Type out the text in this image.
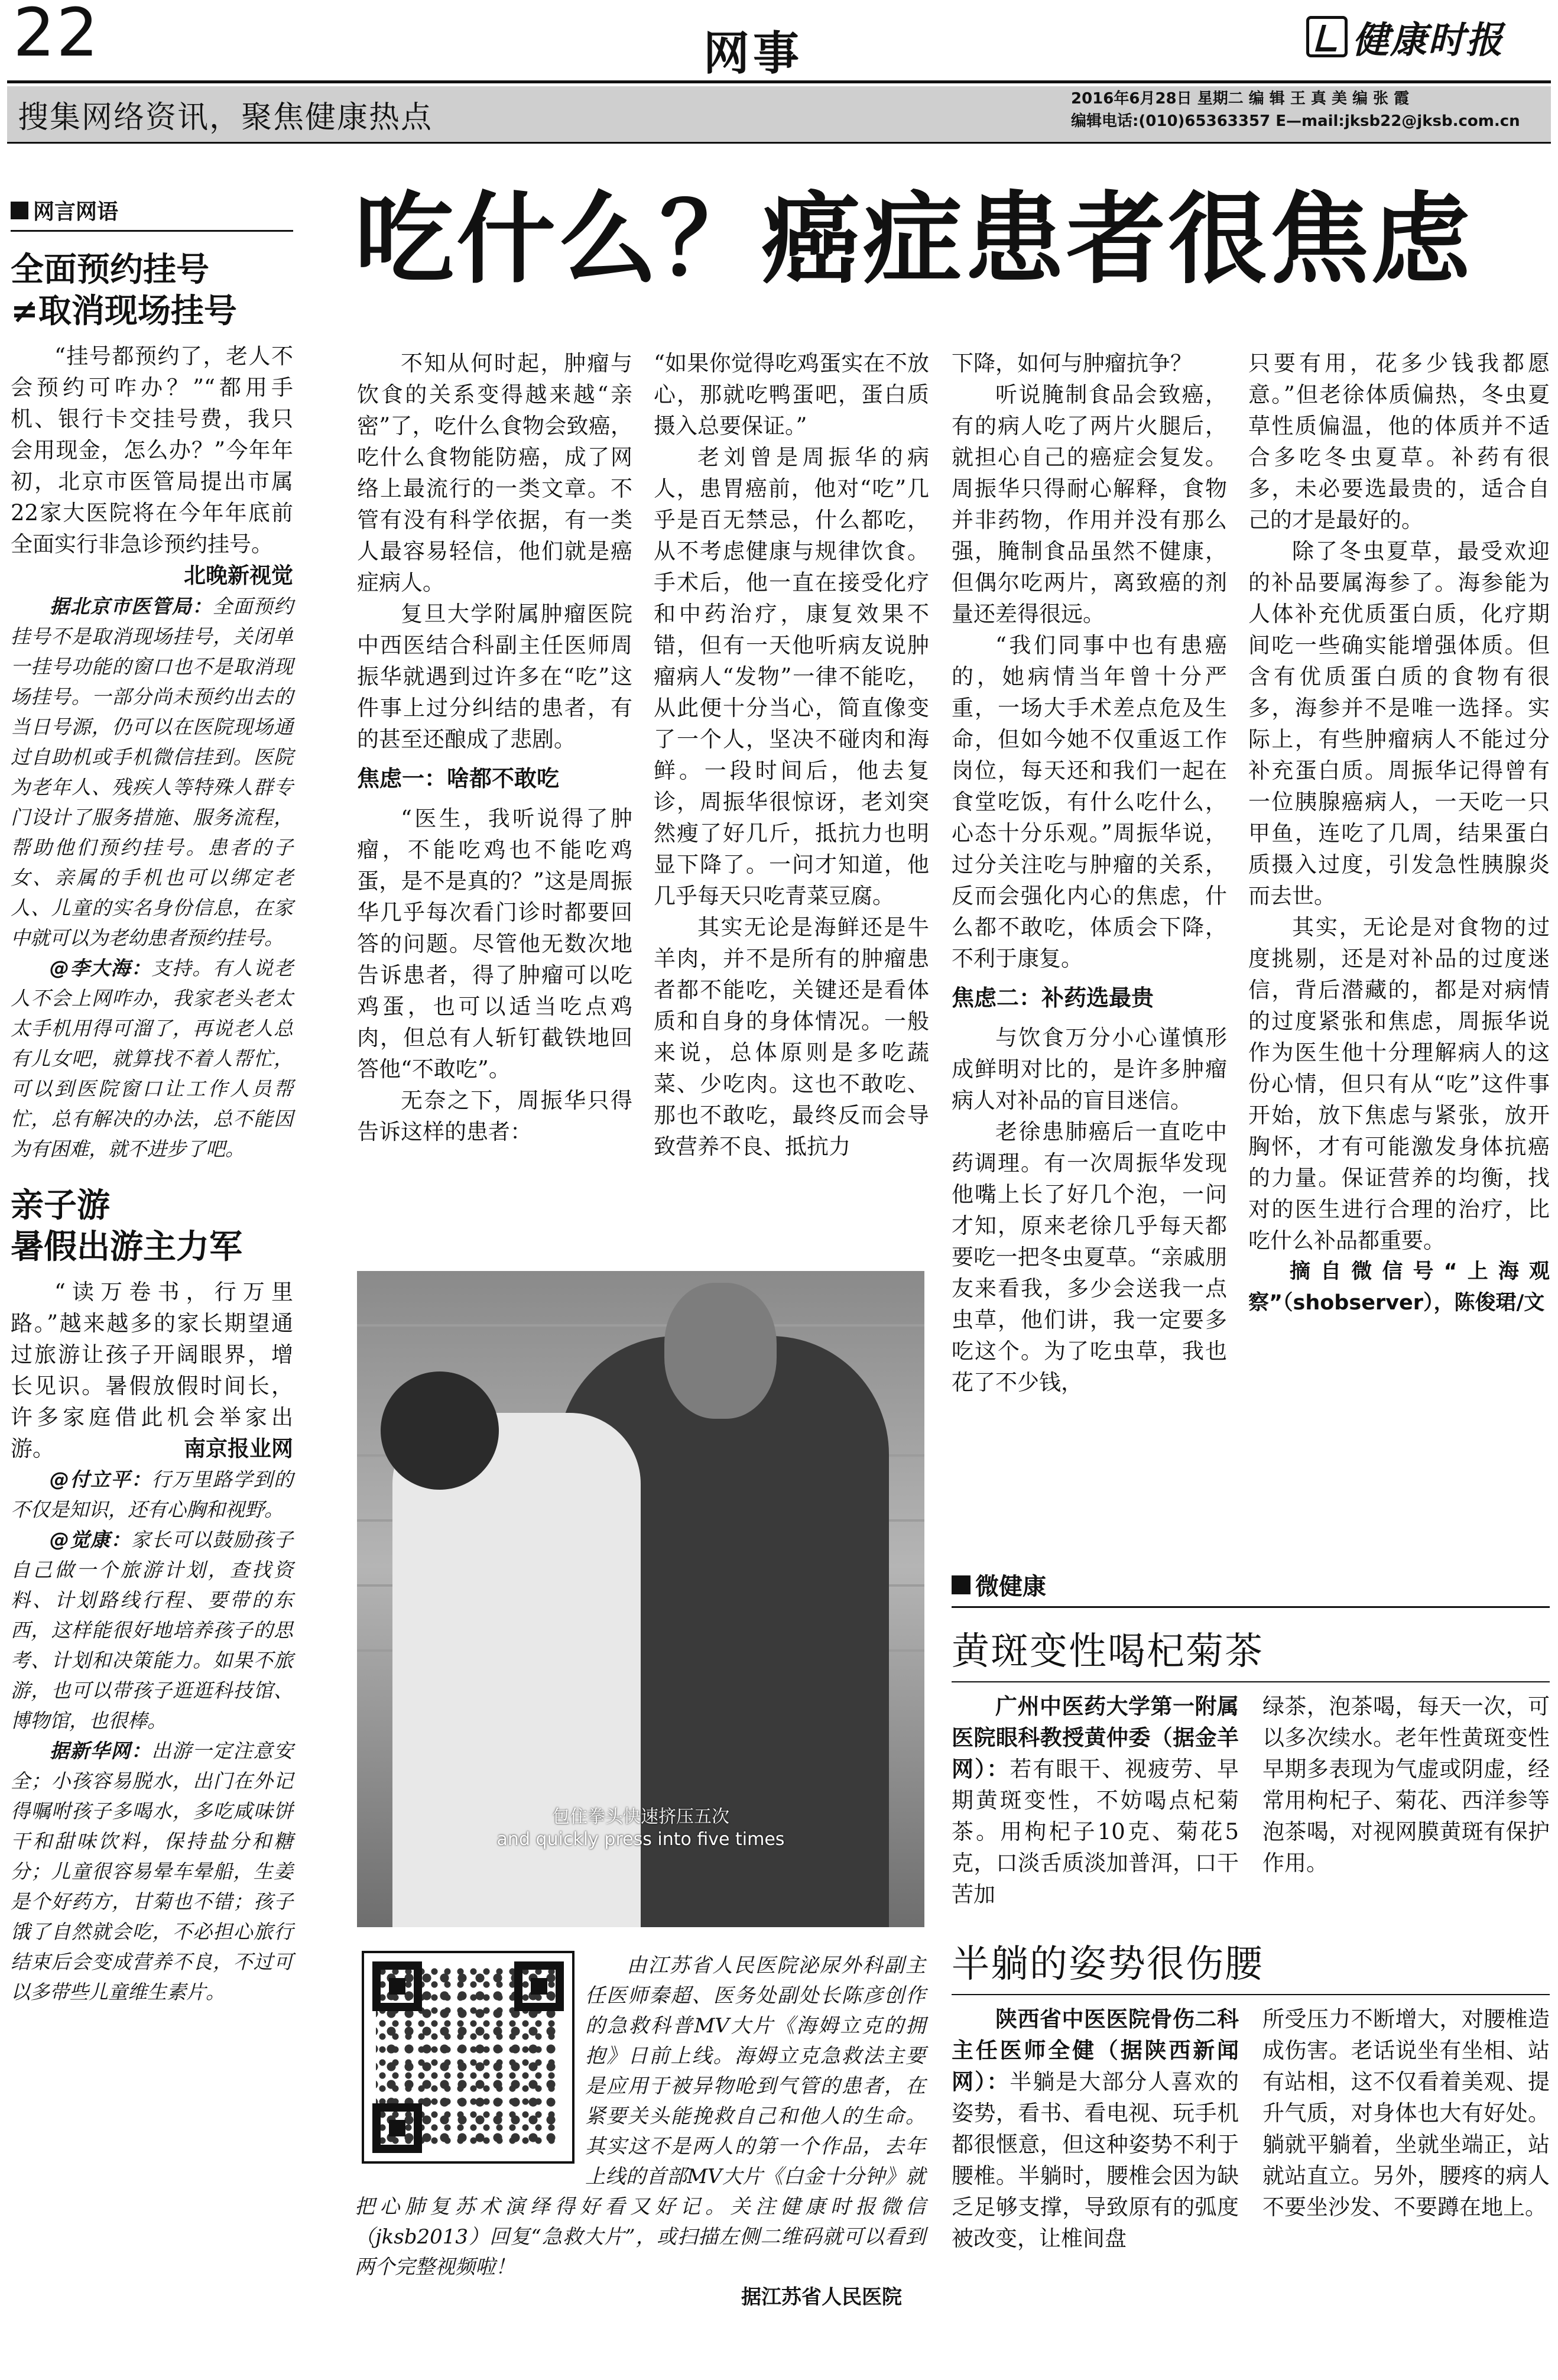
22	网事	健康时报
搜集网络资讯，聚焦健康热点
2016年6月28日 星期二 编 辑 王 真 美 编 张 霞
编辑电话:(010)65363357 E—mail:jksb22@jksb.com.cn
网言网语
全面预约挂号
≠取消现场挂号

“挂号都预约了，老人不会预约可咋办？”“都用手机、银行卡交挂号费，我只会用现金，怎么办？”今年年初，北京市医管局提出市属22家大医院将在今年年底前全面实行非急诊预约挂号。
北晚新视觉

据北京市医管局：全面预约挂号不是取消现场挂号，关闭单一挂号功能的窗口也不是取消现场挂号。一部分尚未预约出去的当日号源，仍可以在医院现场通过自助机或手机微信挂到。医院为老年人、残疾人等特殊人群专门设计了服务措施、服务流程，帮助他们预约挂号。患者的子女、亲属的手机也可以绑定老人、儿童的实名身份信息，在家中就可以为老幼患者预约挂号。

@李大海：支持。有人说老人不会上网咋办，我家老头老太太手机用得可溜了，再说老人总有儿女吧，就算找不着人帮忙，可以到医院窗口让工作人员帮忙，总有解决的办法，总不能因为有困难，就不进步了吧。

亲子游
暑假出游主力军

“读万卷书，行万里路。”越来越多的家长期望通过旅游让孩子开阔眼界，增长见识。暑假放假时间长，许多家庭借此机会举家出游。	南京报业网

@付立平：行万里路学到的不仅是知识，还有心胸和视野。

@觉康：家长可以鼓励孩子自己做一个旅游计划，查找资料、计划路线行程、要带的东西，这样能很好地培养孩子的思考、计划和决策能力。如果不旅游，也可以带孩子逛逛科技馆、博物馆，也很棒。

据新华网：出游一定注意安全；小孩容易脱水，出门在外记得嘱咐孩子多喝水，多吃咸味饼干和甜味饮料，保持盐分和糖分；儿童很容易晕车晕船，生姜是个好药方，甘菊也不错；孩子饿了自然就会吃，不必担心旅行结束后会变成营养不良，不过可以多带些儿童维生素片。

吃什么？癌症患者很焦虑

不知从何时起，肿瘤与饮食的关系变得越来越“亲密”了，吃什么食物会致癌，吃什么食物能防癌，成了网络上最流行的一类文章。不管有没有科学依据，有一类人最容易轻信，他们就是癌症病人。

复旦大学附属肿瘤医院中西医结合科副主任医师周振华就遇到过许多在“吃”这件事上过分纠结的患者，有的甚至还酿成了悲剧。

焦虑一：啥都不敢吃

“医生，我听说得了肿瘤，不能吃鸡也不能吃鸡蛋，是不是真的？”这是周振华几乎每次看门诊时都要回答的问题。尽管他无数次地告诉患者，得了肿瘤可以吃鸡蛋，也可以适当吃点鸡肉，但总有人斩钉截铁地回答他“不敢吃”。

无奈之下，周振华只得告诉这样的患者：

“如果你觉得吃鸡蛋实在不放心，那就吃鸭蛋吧，蛋白质摄入总要保证。”

老刘曾是周振华的病人，患胃癌前，他对“吃”几乎是百无禁忌，什么都吃，从不考虑健康与规律饮食。手术后，他一直在接受化疗和中药治疗，康复效果不错，但有一天他听病友说肿瘤病人“发物”一律不能吃，从此便十分当心，简直像变了一个人，坚决不碰肉和海鲜。一段时间后，他去复诊，周振华很惊讶，老刘突然瘦了好几斤，抵抗力也明显下降了。一问才知道，他几乎每天只吃青菜豆腐。

其实无论是海鲜还是牛羊肉，并不是所有的肿瘤患者都不能吃，关键还是看体质和自身的身体情况。一般来说，总体原则是多吃蔬菜、少吃肉。这也不敢吃、那也不敢吃，最终反而会导致营养不良、抵抗力

下降，如何与肿瘤抗争？

听说腌制食品会致癌，有的病人吃了两片火腿后，就担心自己的癌症会复发。周振华只得耐心解释，食物并非药物，作用并没有那么强，腌制食品虽然不健康，但偶尔吃两片，离致癌的剂量还差得很远。

“我们同事中也有患癌的，她病情当年曾十分严重，一场大手术差点危及生命，但如今她不仅重返工作岗位，每天还和我们一起在食堂吃饭，有什么吃什么，心态十分乐观。”周振华说，过分关注吃与肿瘤的关系，反而会强化内心的焦虑，什么都不敢吃，体质会下降，不利于康复。

焦虑二：补药选最贵

与饮食万分小心谨慎形成鲜明对比的，是许多肿瘤病人对补品的盲目迷信。

老徐患肺癌后一直吃中药调理。有一次周振华发现他嘴上长了好几个泡，一问才知，原来老徐几乎每天都要吃一把冬虫夏草。“亲戚朋友来看我，多少会送我一点虫草，他们讲，我一定要多吃这个。为了吃虫草，我也花了不少钱，

只要有用，花多少钱我都愿意。”但老徐体质偏热，冬虫夏草性质偏温，他的体质并不适合多吃冬虫夏草。补药有很多，未必要选最贵的，适合自己的才是最好的。

除了冬虫夏草，最受欢迎的补品要属海参了。海参能为人体补充优质蛋白质，化疗期间吃一些确实能增强体质。但含有优质蛋白质的食物有很多，海参并不是唯一选择。实际上，有些肿瘤病人不能过分补充蛋白质。周振华记得曾有一位胰腺癌病人，一天吃一只甲鱼，连吃了几周，结果蛋白质摄入过度，引发急性胰腺炎而去世。

其实，无论是对食物的过度挑剔，还是对补品的过度迷信，背后潜藏的，都是对病情的过度紧张和焦虑，周振华说作为医生他十分理解病人的这份心情，但只有从“吃”这件事开始，放下焦虑与紧张，放开胸怀，才有可能激发身体抗癌的力量。保证营养的均衡，找对的医生进行合理的治疗，比吃什么补品都重要。

摘自微信号“上海观察”（shobserver），陈俊珺/文

包住拳头快速挤压五次
and quickly press into five times
由江苏省人民医院泌尿外科副主任医师秦超、医务处副处长陈彦创作的急救科普MV大片《海姆立克的拥抱》日前上线。海姆立克急救法主要是应用于被异物呛到气管的患者，在紧要关头能挽救自己和他人的生命。其实这不是两人的第一个作品，去年上线的首部MV大片《白金十分钟》就把心肺复苏术演绎得好看又好记。关注健康时报微信（jksb2013）回复“急救大片”，或扫描左侧二维码就可以看到两个完整视频啦！
据江苏省人民医院
微健康
黄斑变性喝杞菊茶

广州中医药大学第一附属医院眼科教授黄仲委（据金羊网）：若有眼干、视疲劳、早期黄斑变性，不妨喝点杞菊茶。用枸杞子10克、菊花5克，口淡舌质淡加普洱，口干苦加

绿茶，泡茶喝，每天一次，可以多次续水。老年性黄斑变性早期多表现为气虚或阴虚，经常用枸杞子、菊花、西洋参等泡茶喝，对视网膜黄斑有保护作用。

半躺的姿势很伤腰

陕西省中医医院骨伤二科主任医师全健（据陕西新闻网）：半躺是大部分人喜欢的姿势，看书、看电视、玩手机都很惬意，但这种姿势不利于腰椎。半躺时，腰椎会因为缺乏足够支撑，导致原有的弧度被改变，让椎间盘

所受压力不断增大，对腰椎造成伤害。老话说坐有坐相、站有站相，这不仅看着美观、提升气质，对身体也大有好处。躺就平躺着，坐就坐端正，站就站直立。另外，腰疼的病人不要坐沙发、不要蹲在地上。
